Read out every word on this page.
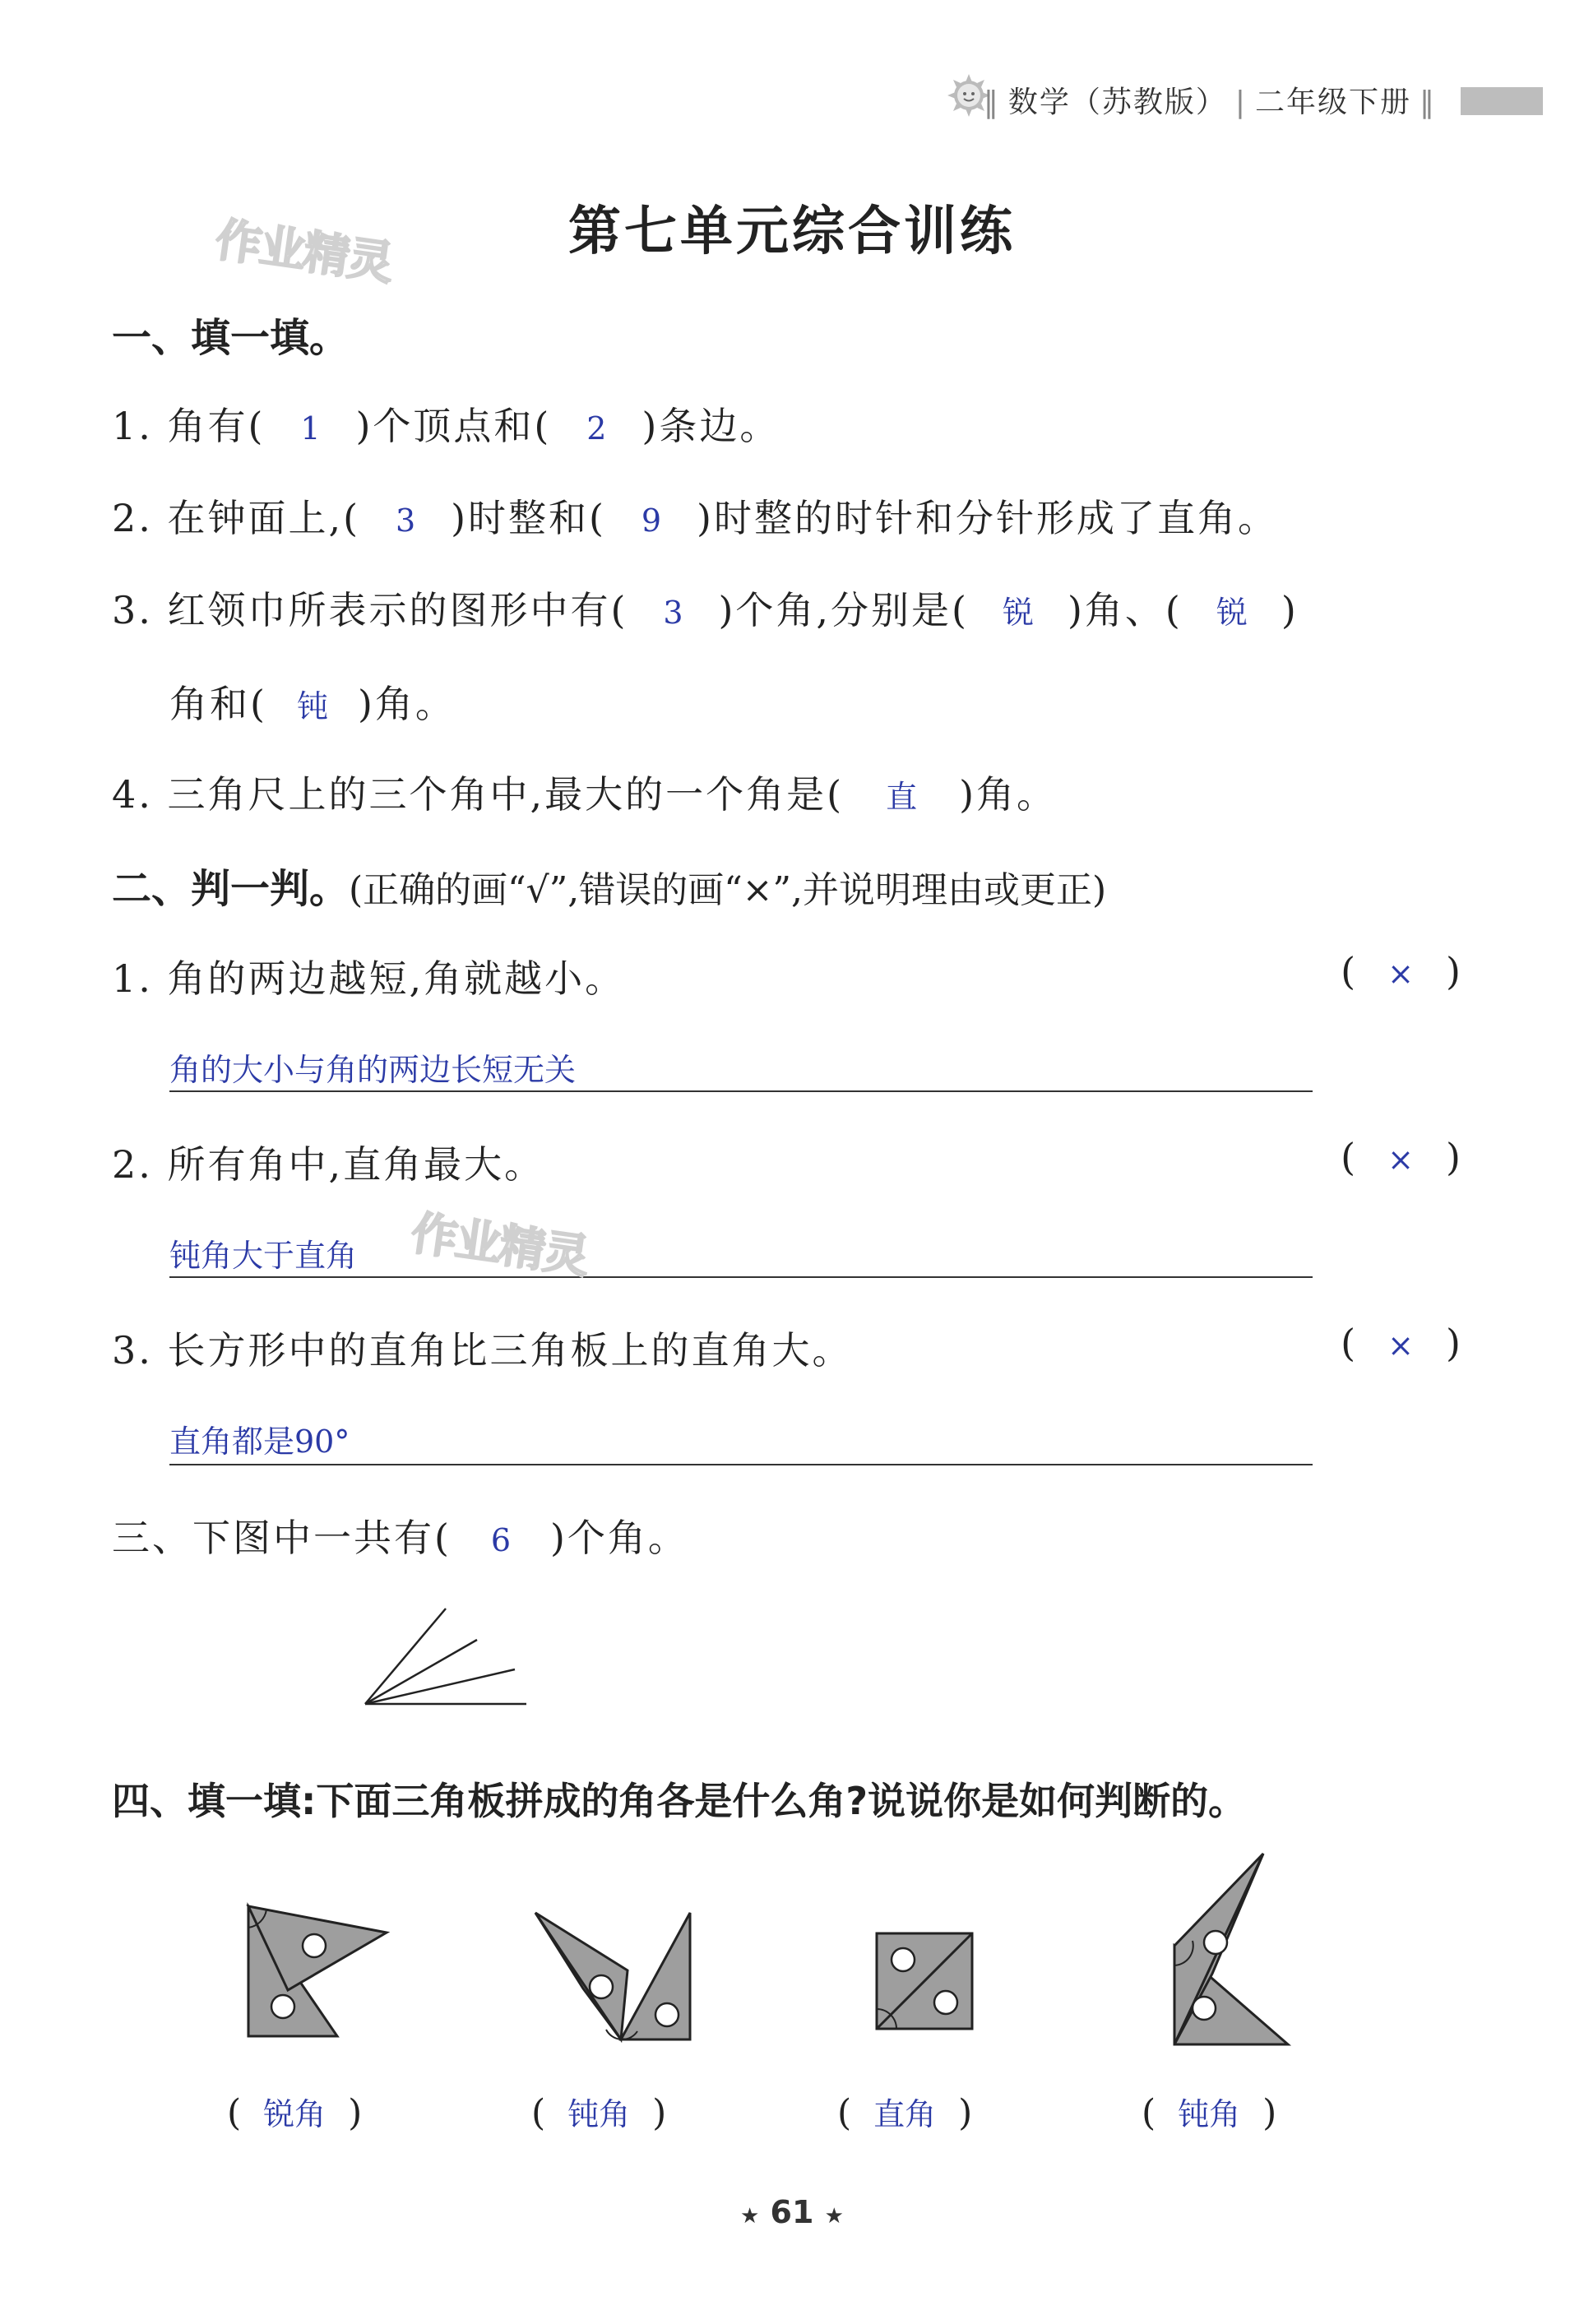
‖ 数学（苏教版） | 二年级下册 ‖
第七单元综合训练
作业精灵
一、填一填。
1. 角有( 1 )个顶点和( 2 )条边。
2. 在钟面上,( 3 )时整和( 9 )时整的时针和分针形成了直角。
3. 红领巾所表示的图形中有( 3 )个角,分别是( 锐 )角、( 锐 )
角和( 钝 )角。
4. 三角尺上的三个角中,最大的一个角是( 直 )角。
二、判一判。(正确的画“√”,错误的画“×”,并说明理由或更正)
1. 角的两边越短,角就越小。	( × )
角的大小与角的两边长短无关
2. 所有角中,直角最大。	( × )
钝角大于直角 作业精灵
3. 长方形中的直角比三角板上的直角大。	( × )
直角都是90°
三、下图中一共有( 6 )个角。
四、填一填:下面三角板拼成的角各是什么角?说说你是如何判断的。
( 锐角 )	( 钝角 )	( 直角 )	( 钝角 )
★ 61 ★
